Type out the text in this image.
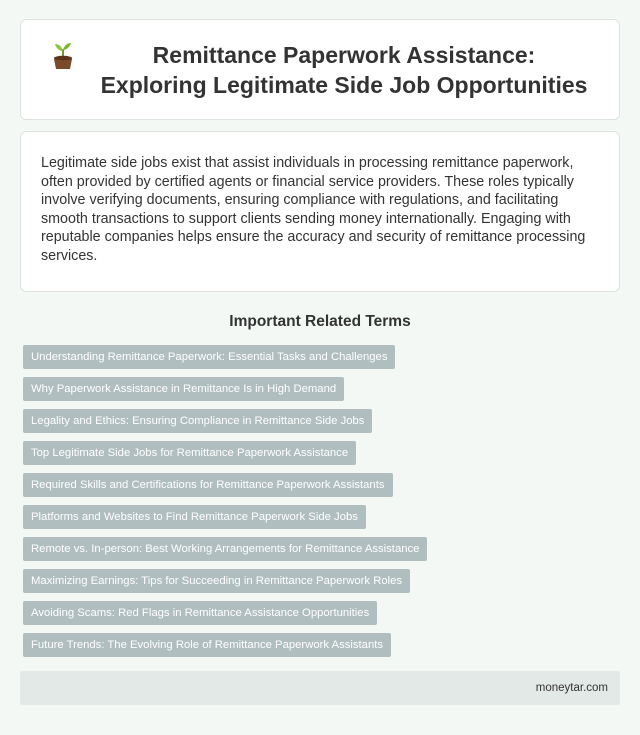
Remittance Paperwork Assistance: Exploring Legitimate Side Job Opportunities

Legitimate side jobs exist that assist individuals in processing remittance paperwork, often provided by certified agents or financial service providers. These roles typically involve verifying documents, ensuring compliance with regulations, and facilitating smooth transactions to support clients sending money internationally. Engaging with reputable companies helps ensure the accuracy and security of remittance processing services.

Important Related Terms
Understanding Remittance Paperwork: Essential Tasks and Challenges
Why Paperwork Assistance in Remittance Is in High Demand
Legality and Ethics: Ensuring Compliance in Remittance Side Jobs
Top Legitimate Side Jobs for Remittance Paperwork Assistance
Required Skills and Certifications for Remittance Paperwork Assistants
Platforms and Websites to Find Remittance Paperwork Side Jobs
Remote vs. In-person: Best Working Arrangements for Remittance Assistance
Maximizing Earnings: Tips for Succeeding in Remittance Paperwork Roles
Avoiding Scams: Red Flags in Remittance Assistance Opportunities
Future Trends: The Evolving Role of Remittance Paperwork Assistants
moneytar.com
